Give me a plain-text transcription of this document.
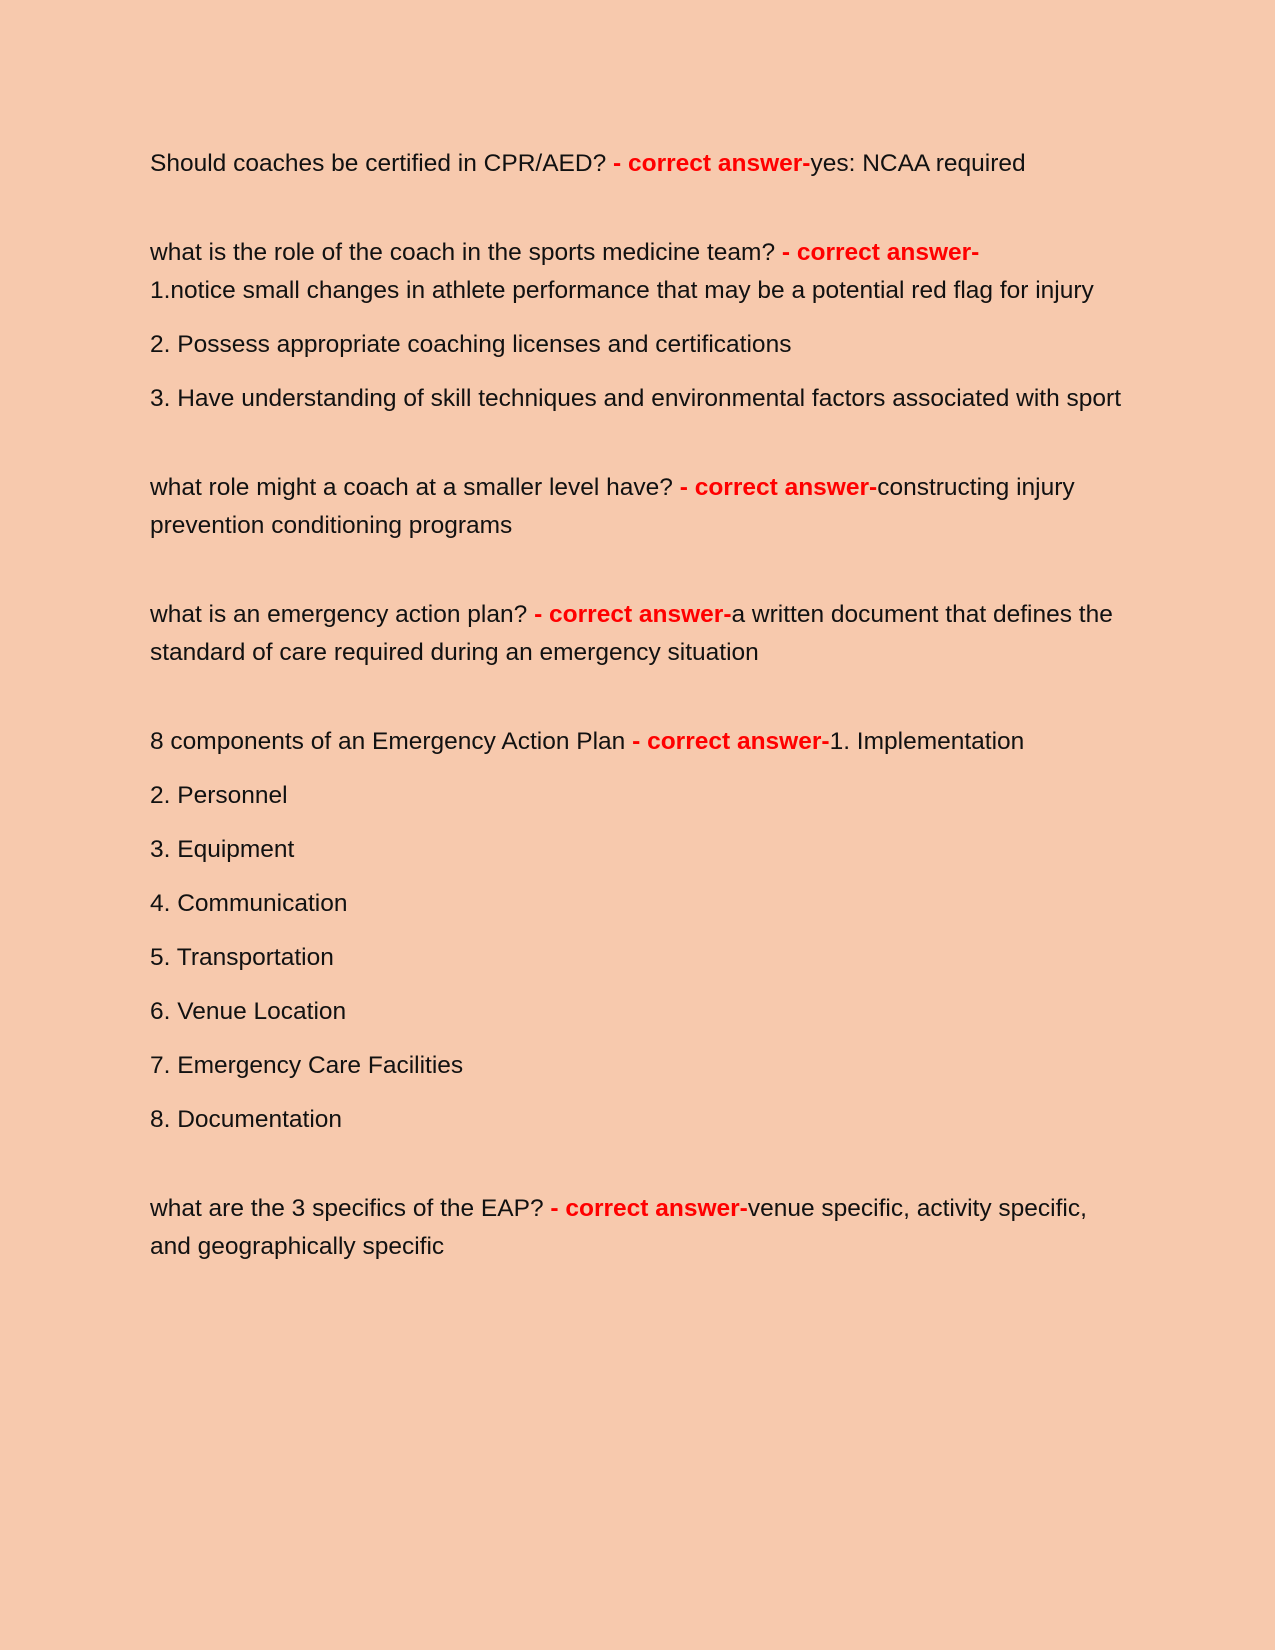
Should coaches be certified in CPR/AED? - correct answer-yes: NCAA required

what is the role of the coach in the sports medicine team? - correct answer-
1.notice small changes in athlete performance that may be a potential red flag for injury

2. Possess appropriate coaching licenses and certifications

3. Have understanding of skill techniques and environmental factors associated with sport

what role might a coach at a smaller level have? - correct answer-constructing injury prevention conditioning programs

what is an emergency action plan? - correct answer-a written document that defines the standard of care required during an emergency situation

8 components of an Emergency Action Plan - correct answer-1. Implementation

2. Personnel

3. Equipment

4. Communication

5. Transportation

6. Venue Location

7. Emergency Care Facilities

8. Documentation

what are the 3 specifics of the EAP? - correct answer-venue specific, activity specific, and geographically specific
